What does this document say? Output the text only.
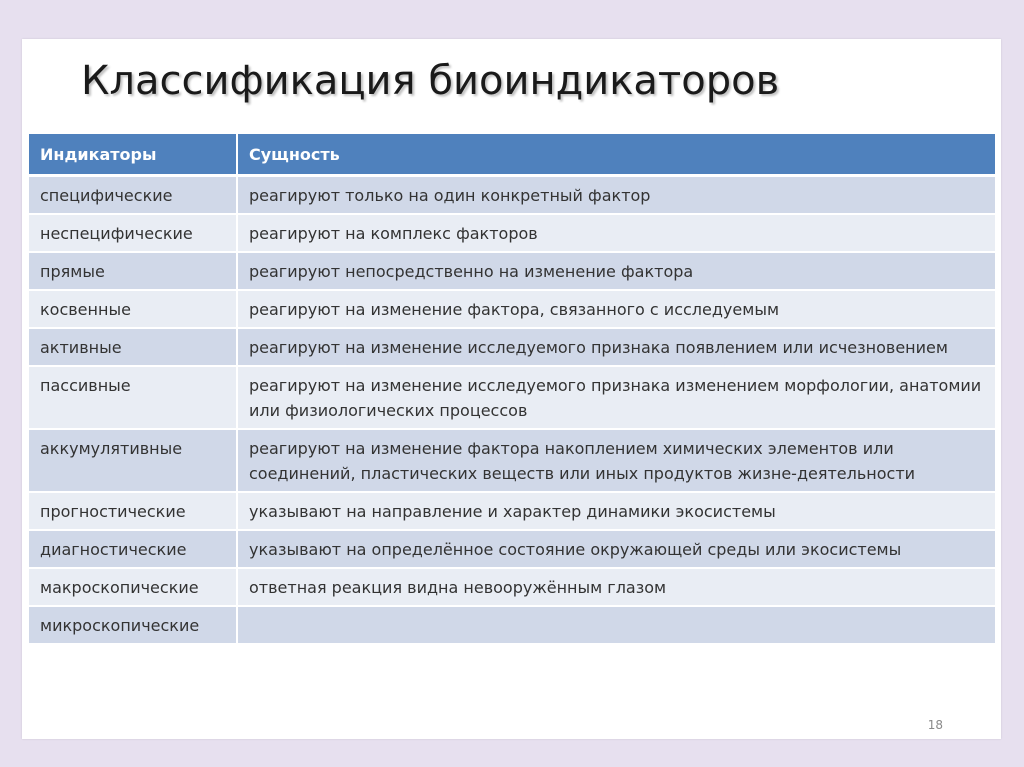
Классификация биоиндикаторов
Индикаторы	Сущность
специфические	реагируют только на один конкретный фактор
неспецифические	реагируют на комплекс факторов
прямые	реагируют непосредственно на изменение фактора
косвенные	реагируют на изменение фактора, связанного с исследуемым
активные	реагируют на изменение исследуемого признака появлением или исчезновением
пассивные	реагируют на изменение исследуемого признака изменением морфологии, анатомии или физиологических процессов
аккумулятивные	реагируют на изменение фактора накоплением химических элементов или соединений, пластических веществ или иных продуктов жизне-деятельности
прогностические	указывают на направление и характер динамики экосистемы
диагностические	указывают на определённое состояние окружающей среды или экосистемы
макроскопические	ответная реакция видна невооружённым глазом
микроскопические	
18
